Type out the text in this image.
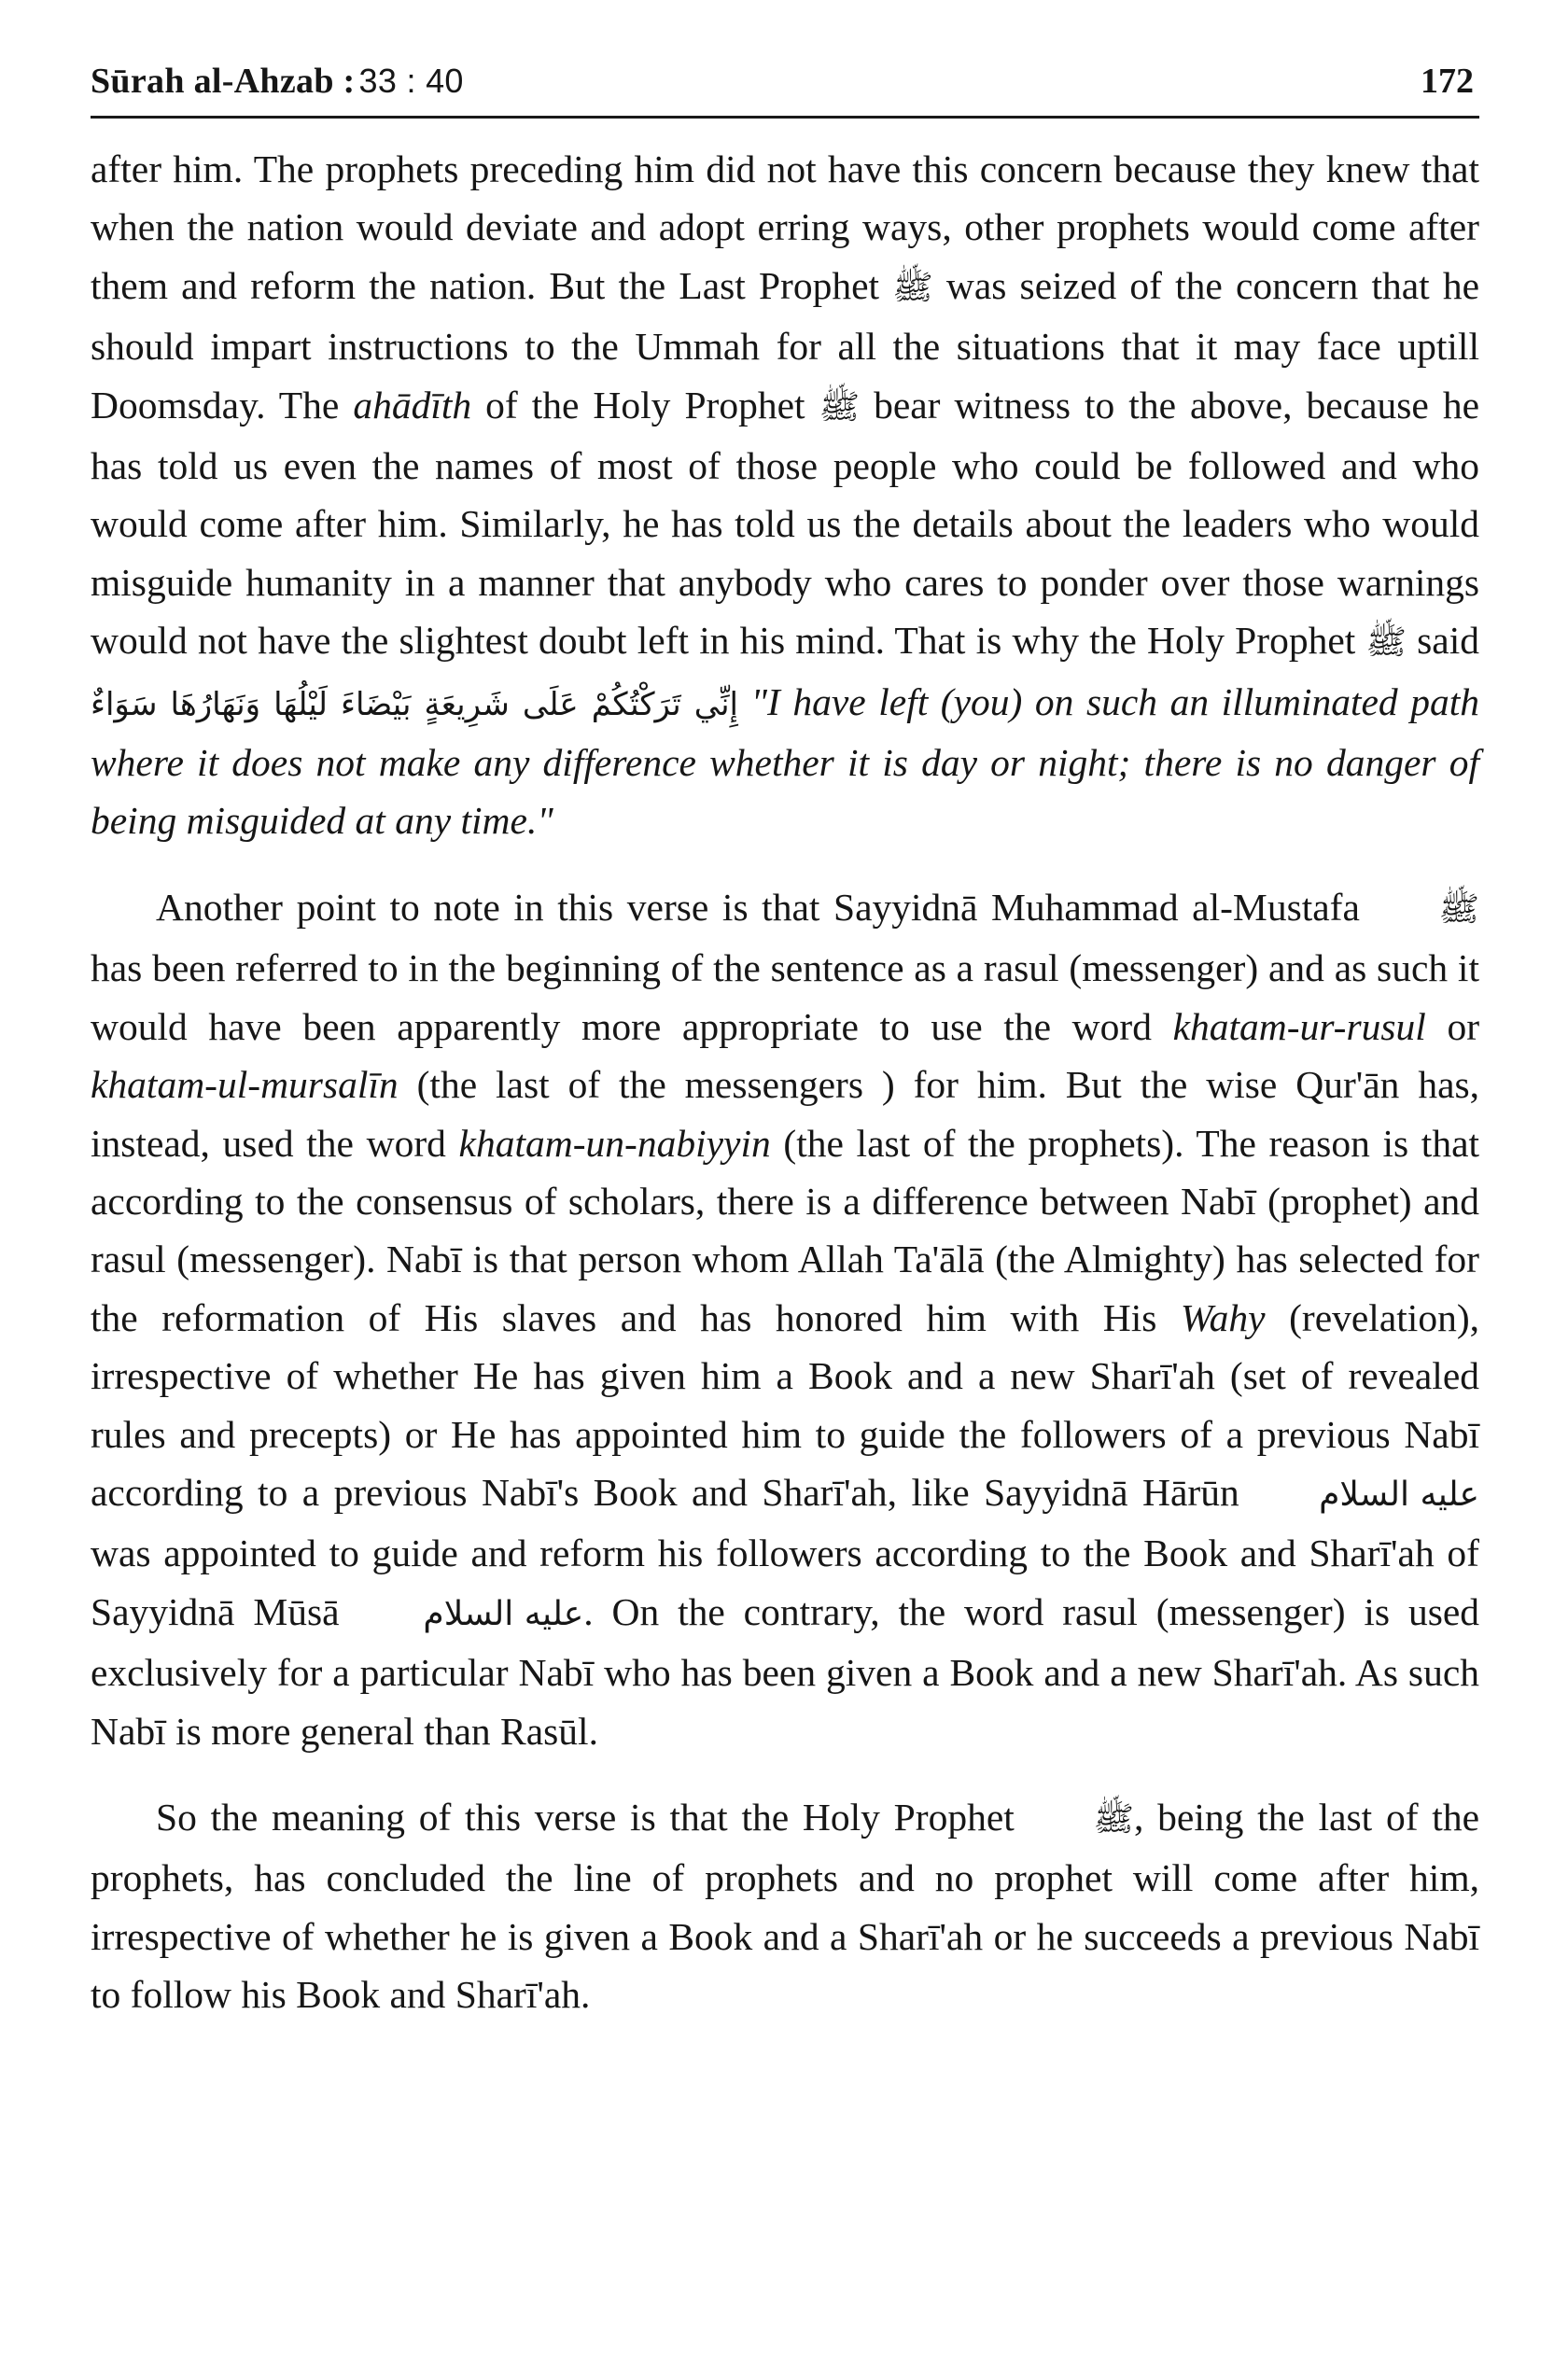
Sūrah al-Ahzab : 33 : 40	172

after him. The prophets preceding him did not have this concern because they knew that when the nation would deviate and adopt erring ways, other prophets would come after them and reform the nation. But the Last Prophet ﷺ was seized of the concern that he should impart instructions to the Ummah for all the situations that it may face uptill Doomsday. The ahādīth of the Holy Prophet ﷺ bear witness to the above, because he has told us even the names of most of those people who could be followed and who would come after him. Similarly, he has told us the details about the leaders who would misguide humanity in a manner that anybody who cares to ponder over those warnings would not have the slightest doubt left in his mind. That is why the Holy Prophet ﷺ said إِنِّي تَرَكْتُكُمْ عَلَى شَرِيعَةٍ بَيْضَاءَ لَيْلُهَا وَنَهَارُهَا سَوَاءٌ "I have left (you) on such an illuminated path where it does not make any difference whether it is day or night; there is no danger of being misguided at any time."

Another point to note in this verse is that Sayyidnā Muhammad al-Mustafa ﷺ has been referred to in the beginning of the sentence as a rasul (messenger) and as such it would have been apparently more appropriate to use the word khatam-ur-rusul or khatam-ul-mursalīn (the last of the messengers ) for him. But the wise Qur'ān has, instead, used the word khatam-un-nabiyyin (the last of the prophets). The reason is that according to the consensus of scholars, there is a difference between Nabī (prophet) and rasul (messenger). Nabī is that person whom Allah Ta'ālā (the Almighty) has selected for the reformation of His slaves and has honored him with His Wahy (revelation), irrespective of whether He has given him a Book and a new Sharī'ah (set of revealed rules and precepts) or He has appointed him to guide the followers of a previous Nabī according to a previous Nabī's Book and Sharī'ah, like Sayyidnā Hārūn عليه السلام was appointed to guide and reform his followers according to the Book and Sharī'ah of Sayyidnā Mūsā عليه السلام. On the contrary, the word rasul (messenger) is used exclusively for a particular Nabī who has been given a Book and a new Sharī'ah. As such Nabī is more general than Rasūl.

So the meaning of this verse is that the Holy Prophet ﷺ, being the last of the prophets, has concluded the line of prophets and no prophet will come after him, irrespective of whether he is given a Book and a Sharī'ah or he succeeds a previous Nabī to follow his Book and Sharī'ah.
